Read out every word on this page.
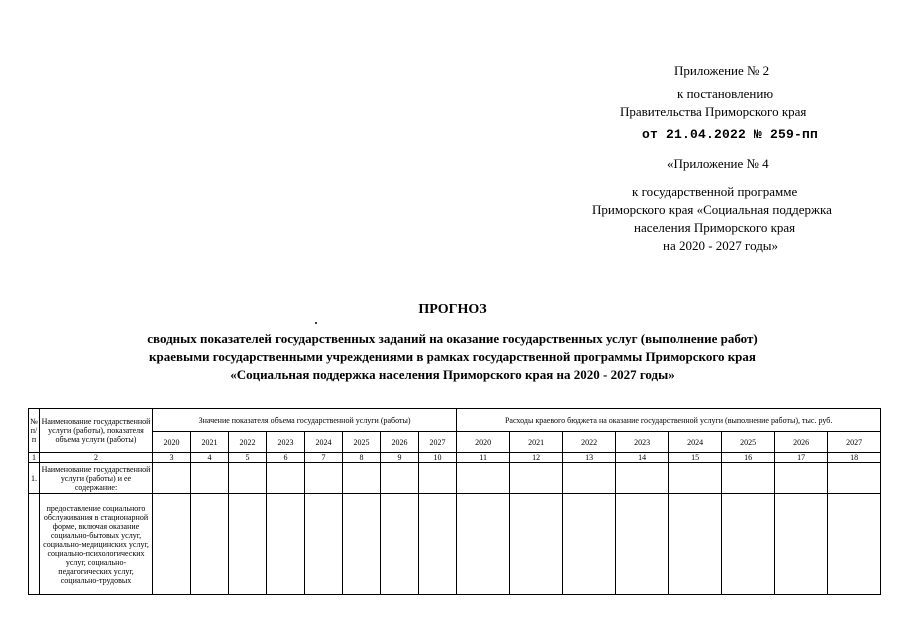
Приложение № 2
к постановлению
Правительства Приморского края
от 21.04.2022 № 259-пп
«Приложение № 4
к государственной программе
Приморского края «Социальная поддержка
населения Приморского края
на 2020 - 2027 годы»
ПРОГНОЗ
сводных показателей государственных заданий на оказание государственных услуг (выполнение работ)
краевыми государственными учреждениями в рамках государственной программы Приморского края
«Социальная поддержка населения Приморского края на 2020 - 2027 годы»
№ п/п	Наименование государственной услуги (работы), показателя объема услуги (работы)	Значение показателя объема государственной услуги (работы)								Расходы краевого бюджета на оказание государственной услуги (выполнение работы), тыс. руб.							
		2020	2021	2022	2023	2024	2025	2026	2027	2020	2021	2022	2023	2024	2025	2026	2027
1	2	3	4	5	6	7	8	9	10	11	12	13	14	15	16	17	18
1.	Наименование государственной услуги (работы) и ее содержание:																
	предоставление социального обслуживания в стационарной форме, включая оказание социально-бытовых услуг, социально-медицинских услуг, социально-психологических услуг, социально-педагогических услуг, социально-трудовых																
